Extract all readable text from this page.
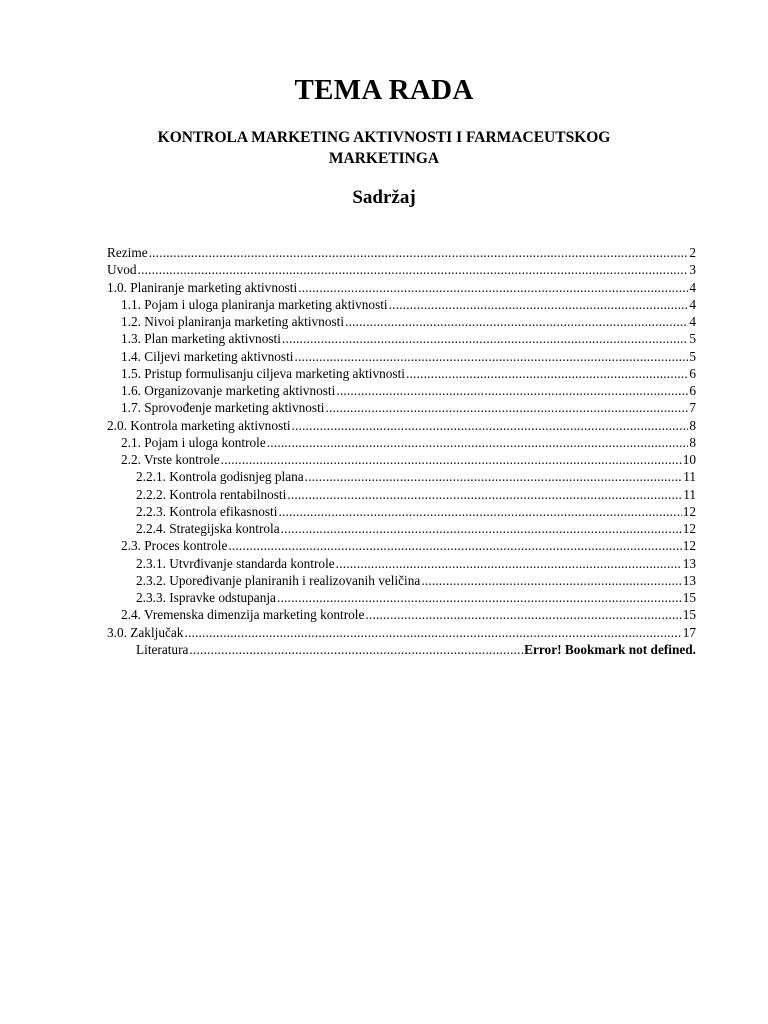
TEMA RADA
KONTROLA MARKETING AKTIVNOSTI I FARMACEUTSKOG MARKETINGA
Sadržaj
Rezime .....	2
Uvod .....	3
1.0. Planiranje marketing aktivnosti .....	4
1.1. Pojam i uloga planiranja marketing aktivnosti .....	4
1.2. Nivoi planiranja marketing aktivnosti .....	4
1.3. Plan marketing aktivnosti .....	5
1.4. Ciljevi marketing aktivnosti .....	5
1.5. Pristup formulisanju ciljeva marketing aktivnosti .....	6
1.6. Organizovanje marketing aktivnosti .....	6
1.7. Sprovođenje marketing aktivnosti .....	7
2.0. Kontrola marketing aktivnosti .....	8
2.1. Pojam i uloga kontrole .....	8
2.2. Vrste kontrole .....	10
2.2.1. Kontrola godisnjeg plana .....	11
2.2.2. Kontrola rentabilnosti .....	11
2.2.3. Kontrola efikasnosti .....	12
2.2.4. Strategijska kontrola .....	12
2.3. Proces kontrole .....	12
2.3.1. Utvrđivanje standarda kontrole .....	13
2.3.2. Upoređivanje planiranih i realizovanih veličina .....	13
2.3.3. Ispravke odstupanja .....	15
2.4. Vremenska dimenzija marketing kontrole .....	15
3.0. Zaključak .....	17
Literatura .....	Error! Bookmark not defined.
